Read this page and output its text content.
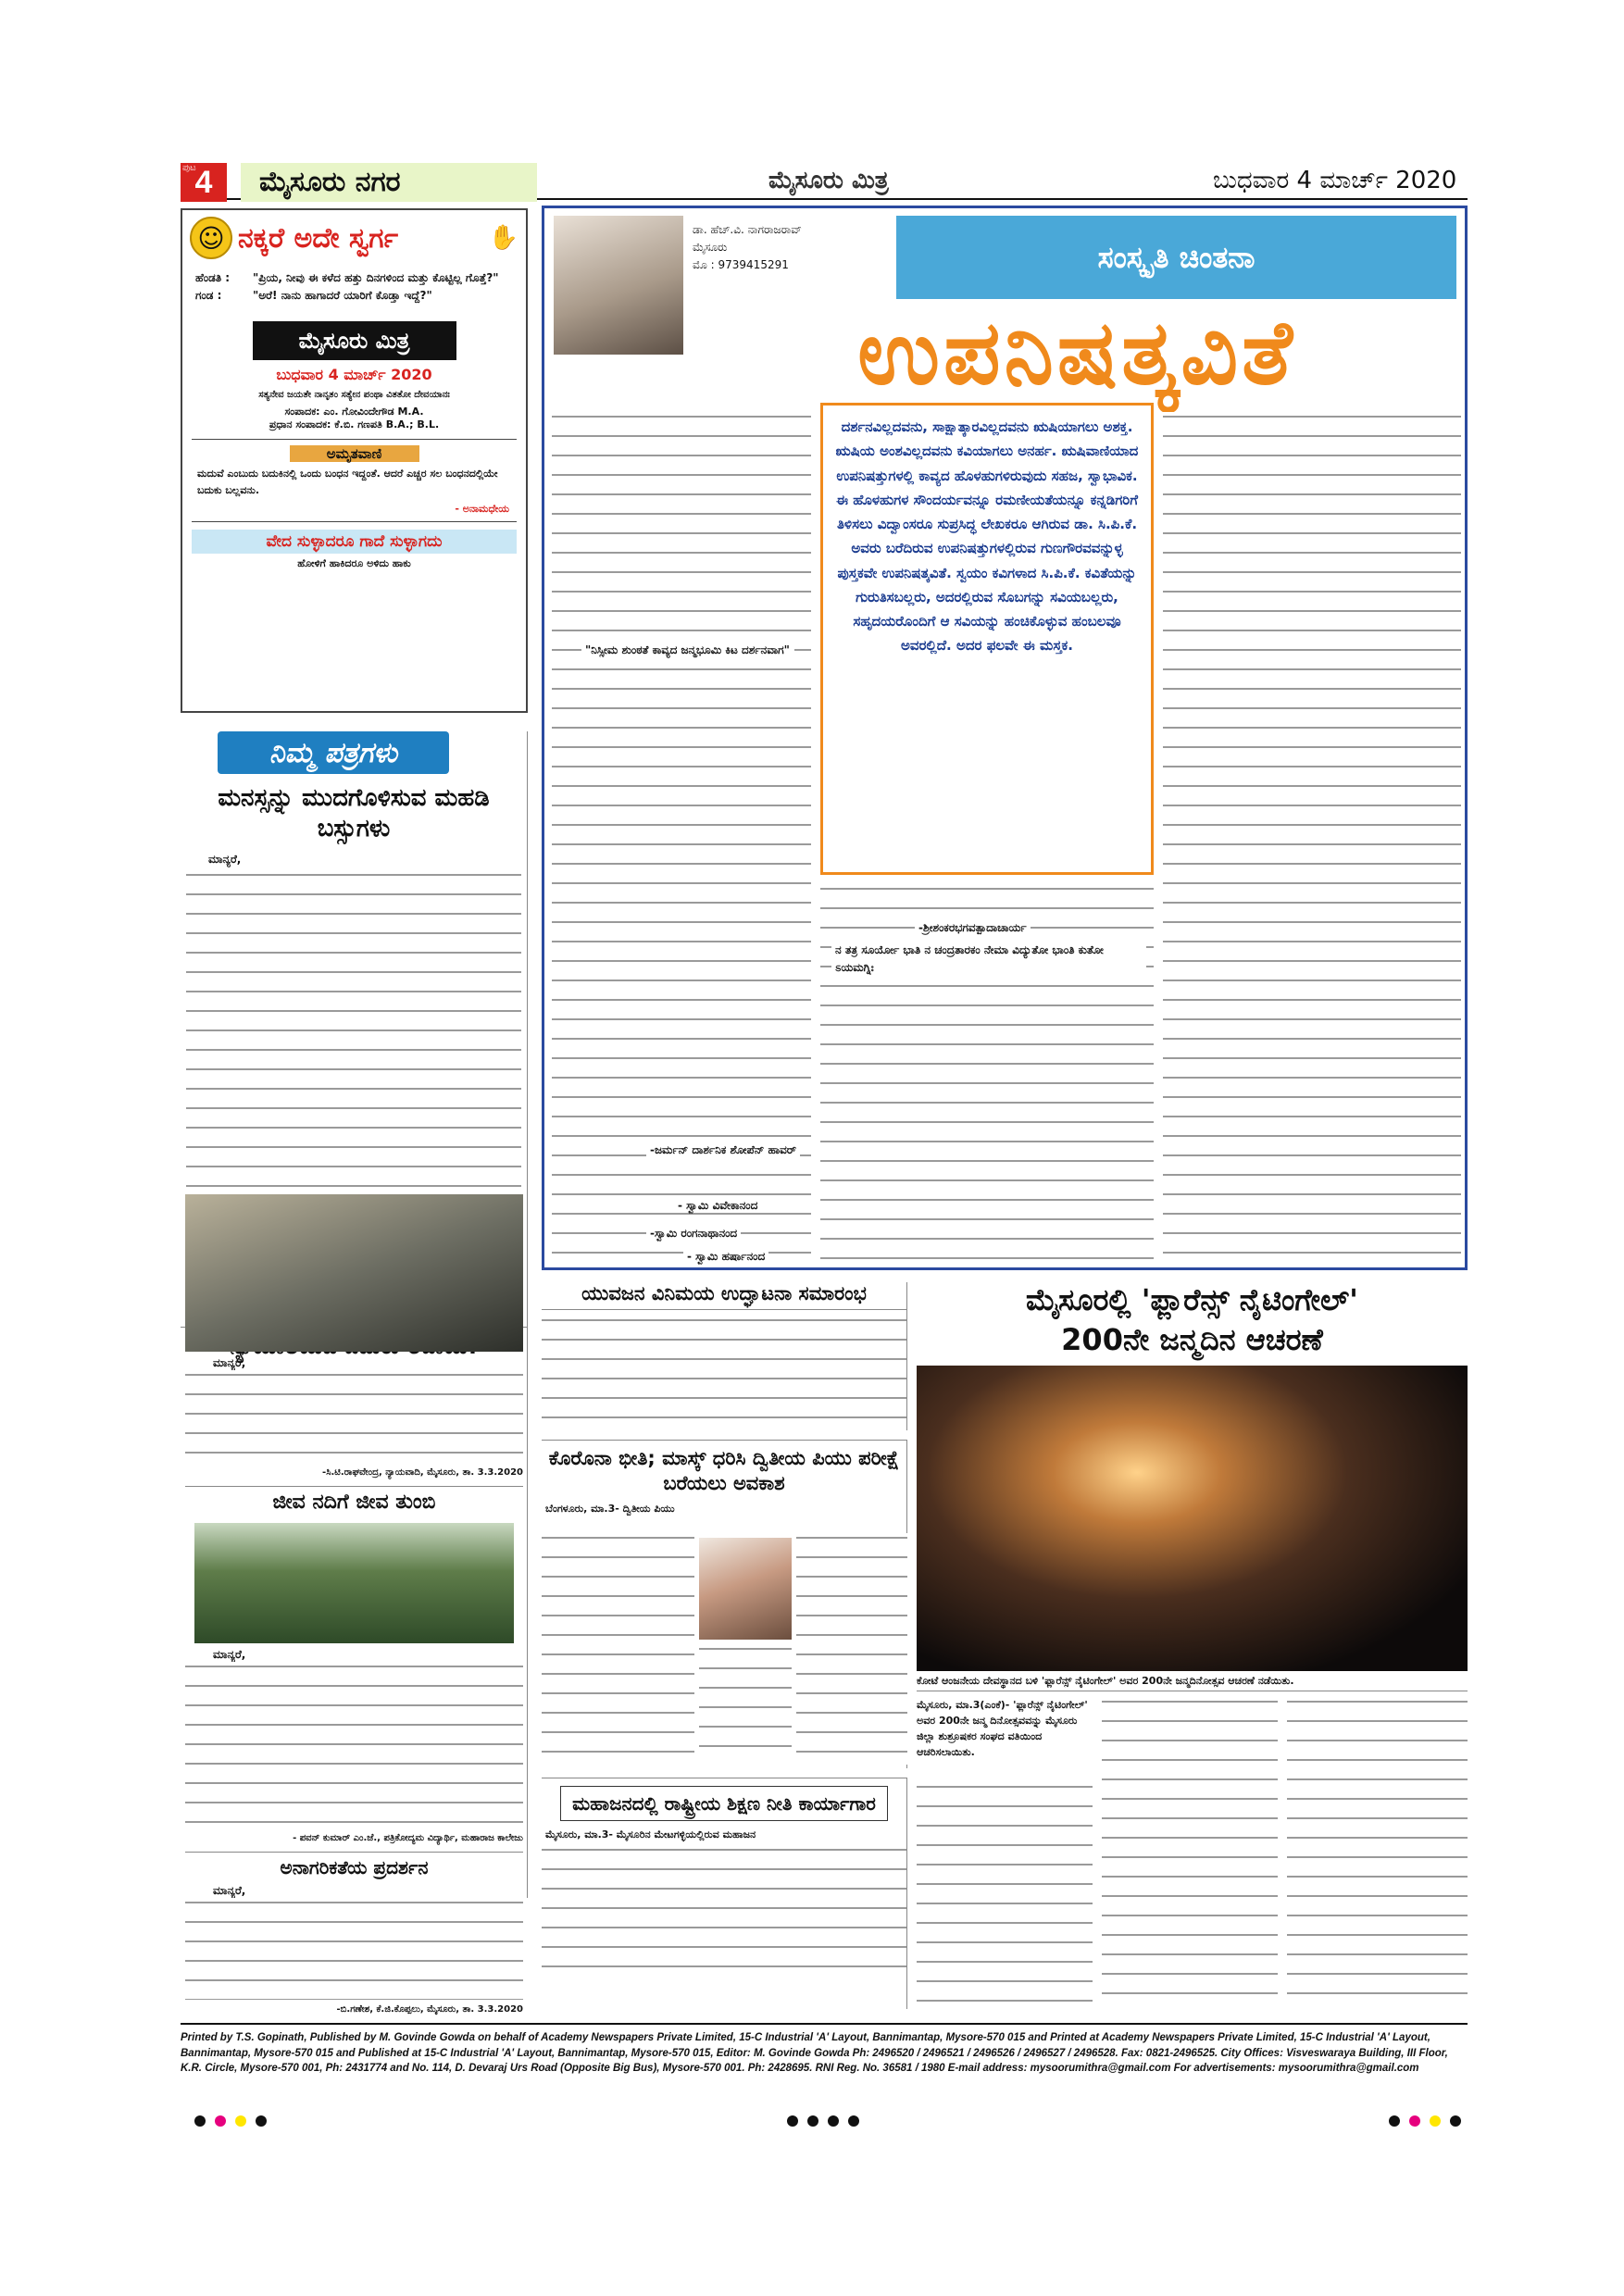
4
ಪುಟ	ಮೈಸೂರು ನಗರ	ಮೈಸೂರು ಮಿತ್ರ	ಬುಧವಾರ 4 ಮಾರ್ಚ್ 2020
☺ ನಕ್ಕರೆ ಅದೇ ಸ್ವರ್ಗ	✋
ಹೆಂಡತಿ :	"ಪ್ರಿಯ, ನೀವು ಈ ಕಳೆದ ಹತ್ತು ದಿನಗಳಿಂದ ಮತ್ತು ಕೊಟ್ಟಿಲ್ಲ ಗೊತ್ತೆ?"
ಗಂಡ :	"ಅರೆ! ನಾನು ಹಾಗಾದರೆ ಯಾರಿಗೆ ಕೊಡ್ತಾ ಇದ್ದೆ?"
ಮೈಸೂರು ಮಿತ್ರ
ಬುಧವಾರ 4 ಮಾರ್ಚ್ 2020
ಸತ್ಯನೇವ ಜಯತೇ ನಾನೃತಂ ಸತ್ಯೇನ ಪಂಥಾ ವಿತತೋ ದೇವಯಾನಃ
ಸಂಪಾದಕ: ಎಂ. ಗೋವಿಂದೇಗೌಡ M.A.
ಪ್ರಧಾನ ಸಂಪಾದಕ: ಕೆ.ಬಿ. ಗಣಪತಿ B.A.; B.L.
ಅಮೃತವಾಣಿ
ಮದುವೆ ಎಂಬುದು ಬದುಕಿನಲ್ಲಿ ಒಂದು ಬಂಧನ ಇದ್ದಂತೆ. ಆದರೆ ಎಚ್ಚರ ಸಲ ಬಂಧನದಲ್ಲಿಯೇ ಬದುಕು ಬಲ್ಲವನು.
- ಅನಾಮಧೇಯ
ವೇದ ಸುಳ್ಳಾದರೂ ಗಾದೆ ಸುಳ್ಳಾಗದು
ಹೋಳಿಗೆ ಹಾಕಿದರೂ ಅಳಿದು ಹಾಕು
ನಿಮ್ಮ ಪತ್ರಗಳು
ಮನಸ್ಸನ್ನು ಮುದಗೊಳಿಸುವ ಮಹಡಿ ಬಸ್ಸುಗಳು
ಮಾನ್ಯರೆ,
ಮಾನ್ಯರೆ,
-ಸಿ.ಟಿ.ರಾಘವೇಂದ್ರ, ನ್ಯಾಯವಾದಿ, ಮೈಸೂರು, ತಾ. 3.3.2020
ಜೀವ ನದಿಗೆ ಜೀವ ತುಂಬಿ
ಮಾನ್ಯರೆ,
- ಪವನ್ ಕುಮಾರ್ ಎಂ.ಜೆ., ಪತ್ರಿಕೋದ್ಯಮ ವಿದ್ಯಾರ್ಥಿ, ಮಹಾರಾಜ ಕಾಲೇಜು
ಅನಾಗರಿಕತೆಯ ಪ್ರದರ್ಶನ
ಮಾನ್ಯರೆ,
-ಬಿ.ಗಣೇಶ, ಕೆ.ಜಿ.ಕೊಪ್ಪಲು, ಮೈಸೂರು, ತಾ. 3.3.2020
ಡಾ. ಹೆಚ್.ವಿ. ನಾಗರಾಜರಾವ್
ಮೈಸೂರು
ಮೊ : 9739415291	ಸಂಸ್ಕೃತಿ ಚಿಂತನಾ
ಉಪನಿಷತ್ಕವಿತೆ
"ನಿಸ್ಸೀಮ ಶುಂಠತೆ ಕಾವ್ಯದ ಜನ್ಮಭೂಮಿ ಕಿಟ ದರ್ಶನವಾಗ"
-ಜರ್ಮನ್ ದಾರ್ಶನಿಕ ಶೋಪೆನ್ ಹಾವರ್
- ಸ್ವಾಮಿ ವಿವೇಕಾನಂದ
ದರ್ಶನವಿಲ್ಲದವನು, ಸಾಕ್ಷಾತ್ಕಾರವಿಲ್ಲದವನು ಋಷಿಯಾಗಲು ಅಶಕ್ತ. ಋಷಿಯ ಅಂಶವಿಲ್ಲದವನು ಕವಿಯಾಗಲು ಅನರ್ಹ. ಋಷಿವಾಣಿಯಾದ ಉಪನಿಷತ್ತುಗಳಲ್ಲಿ ಕಾವ್ಯದ ಹೊಳಹುಗಳಿರುವುದು ಸಹಜ, ಸ್ವಾಭಾವಿಕ. ಈ ಹೊಳಹುಗಳ ಸೌಂದರ್ಯವನ್ನೂ ರಮಣೀಯತೆಯನ್ನೂ ಕನ್ನಡಿಗರಿಗೆ ತಿಳಿಸಲು ವಿದ್ವಾಂಸರೂ ಸುಪ್ರಸಿದ್ಧ ಲೇಖಕರೂ ಆಗಿರುವ ಡಾ. ಸಿ.ಪಿ.ಕೆ. ಅವರು ಬರೆದಿರುವ ಉಪನಿಷತ್ತುಗಳಲ್ಲಿರುವ ಗುಣಗೌರವವನ್ನುಳ್ಳ ಪುಸ್ತಕವೇ ಉಪನಿಷತ್ಕವಿತೆ. ಸ್ವಯಂ ಕವಿಗಳಾದ ಸಿ.ಪಿ.ಕೆ. ಕವಿತೆಯನ್ನು ಗುರುತಿಸಬಲ್ಲರು, ಅದರಲ್ಲಿರುವ ಸೊಬಗನ್ನು ಸವಿಯಬಲ್ಲರು, ಸಹೃದಯರೊಂದಿಗೆ ಆ ಸವಿಯನ್ನು ಹಂಚಿಕೊಳ್ಳುವ ಹಂಬಲವೂ ಅವರಲ್ಲಿದೆ. ಅದರ ಫಲವೇ ಈ ಮಸ್ತಕ.
-ಶ್ರೀಶಂಕರಭಗವತ್ಪಾದಾಚಾರ್ಯ
ನ ತತ್ರ ಸೂರ್ಯೋ ಭಾತಿ ನ ಚಂದ್ರತಾರಕಂ ನೇಮಾ ವಿದ್ಯುತೋ ಭಾಂತಿ ಕುತೋ ಽಯಮಗ್ನಿಃ
-ಸ್ವಾಮಿ ರಂಗನಾಥಾನಂದ
- ಸ್ವಾಮಿ ಹರ್ಷಾನಂದ
ಯುವಜನ ವಿನಿಮಯ ಉದ್ಘಾಟನಾ ಸಮಾರಂಭ
ಕೊರೊನಾ ಭೀತಿ; ಮಾಸ್ಕ್ ಧರಿಸಿ ದ್ವಿತೀಯ ಪಿಯು ಪರೀಕ್ಷೆ ಬರೆಯಲು ಅವಕಾಶ
ಬೆಂಗಳೂರು, ಮಾ.3- ದ್ವಿತೀಯ ಪಿಯು
ಮಹಾಜನದಲ್ಲಿ ರಾಷ್ಟ್ರೀಯ ಶಿಕ್ಷಣ ನೀತಿ ಕಾರ್ಯಾಗಾರ
ಮೈಸೂರು, ಮಾ.3- ಮೈಸೂರಿನ ಮೇಟಗಳ್ಳಿಯಲ್ಲಿರುವ ಮಹಾಜನ
ಮೈಸೂರಲ್ಲಿ 'ಫ್ಲಾರೆನ್ಸ್ ನೈಟಿಂಗೇಲ್'
200ನೇ ಜನ್ಮದಿನ ಆಚರಣೆ
ಕೋಟೆ ಆಂಜನೇಯ ದೇವಸ್ಥಾನದ ಬಳಿ 'ಫ್ಲಾರೆನ್ಸ್ ನೈಟಿಂಗೇಲ್' ಅವರ 200ನೇ ಜನ್ಮದಿನೋತ್ಸವ ಆಚರಣೆ ನಡೆಯಿತು.
ಮೈಸೂರು, ಮಾ.3(ಎಂಕೆ)- 'ಫ್ಲಾರೆನ್ಸ್ ನೈಟಿಂಗೇಲ್' ಅವರ 200ನೇ ಜನ್ಮ ದಿನೋತ್ಸವವನ್ನು ಮೈಸೂರು ಜಿಲ್ಲಾ ಶುಶ್ರೂಷಕರ ಸಂಘದ ವತಿಯಿಂದ ಆಚರಿಸಲಾಯಿತು.
Printed by T.S. Gopinath, Published by M. Govinde Gowda on behalf of Academy Newspapers Private Limited, 15-C Industrial 'A' Layout, Bannimantap, Mysore-570 015 and Printed at Academy Newspapers Private Limited, 15-C Industrial 'A' Layout, Bannimantap, Mysore-570 015 and Published at 15-C Industrial 'A' Layout, Bannimantap, Mysore-570 015, Editor: M. Govinde Gowda Ph: 2496520 / 2496521 / 2496526 / 2496527 / 2496528. Fax: 0821-2496525. City Offices: Visveswaraya Building, III Floor, K.R. Circle, Mysore-570 001, Ph: 2431774 and No. 114, D. Devaraj Urs Road (Opposite Big Bus), Mysore-570 001. Ph: 2428695. RNI Reg. No. 36581 / 1980 E-mail address: mysoorumithra@gmail.com For advertisements: mysoorumithra@gmail.com
